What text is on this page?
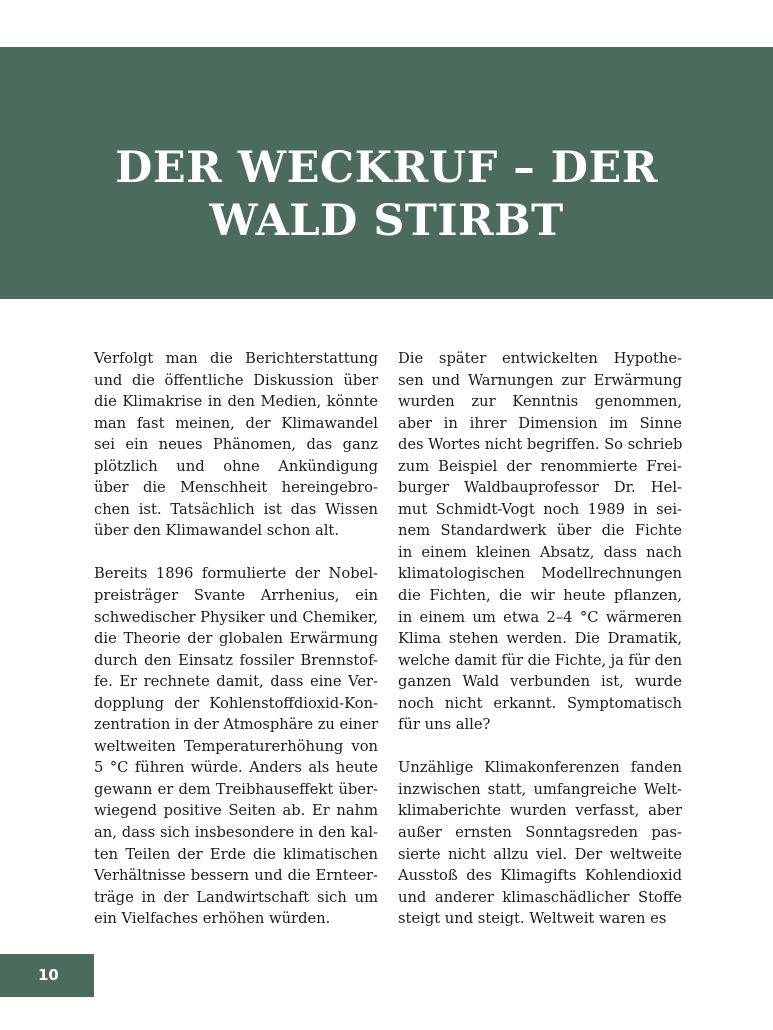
DER WECKRUF – DER
WALD STIRBT
Verfolgt man die Berichterstattung
und die öffentliche Diskussion über
die Klimakrise in den Medien, könnte
man fast meinen, der Klimawandel
sei ein neues Phänomen, das ganz
plötzlich und ohne Ankündigung
über die Menschheit hereingebro-
chen ist. Tatsächlich ist das Wissen
über den Klimawandel schon alt.
Bereits 1896 formulierte der Nobel-
preisträger Svante Arrhenius, ein
schwedischer Physiker und Chemiker,
die Theorie der globalen Erwärmung
durch den Einsatz fossiler Brennstof-
fe. Er rechnete damit, dass eine Ver-
dopplung der Kohlenstoffdioxid-Kon-
zentration in der Atmosphäre zu einer
weltweiten Temperaturerhöhung von
5 °C führen würde. Anders als heute
gewann er dem Treibhauseffekt über-
wiegend positive Seiten ab. Er nahm
an, dass sich insbesondere in den kal-
ten Teilen der Erde die klimatischen
Verhältnisse bessern und die Ernteer-
träge in der Landwirtschaft sich um
ein Vielfaches erhöhen würden.
Die später entwickelten Hypothe-
sen und Warnungen zur Erwärmung
wurden zur Kenntnis genommen,
aber in ihrer Dimension im Sinne
des Wortes nicht begriffen. So schrieb
zum Beispiel der renommierte Frei-
burger Waldbauprofessor Dr. Hel-
mut Schmidt-Vogt noch 1989 in sei-
nem Standardwerk über die Fichte
in einem kleinen Absatz, dass nach
klimatologischen Modellrechnungen
die Fichten, die wir heute pflanzen,
in einem um etwa 2–4 °C wärmeren
Klima stehen werden. Die Dramatik,
welche damit für die Fichte, ja für den
ganzen Wald verbunden ist, wurde
noch nicht erkannt. Symptomatisch
für uns alle?
Unzählige Klimakonferenzen fanden
inzwischen statt, umfangreiche Welt-
klimaberichte wurden verfasst, aber
außer ernsten Sonntagsreden pas-
sierte nicht allzu viel. Der weltweite
Ausstoß des Klimagifts Kohlendioxid
und anderer klimaschädlicher Stoffe
steigt und steigt. Weltweit waren es
10
